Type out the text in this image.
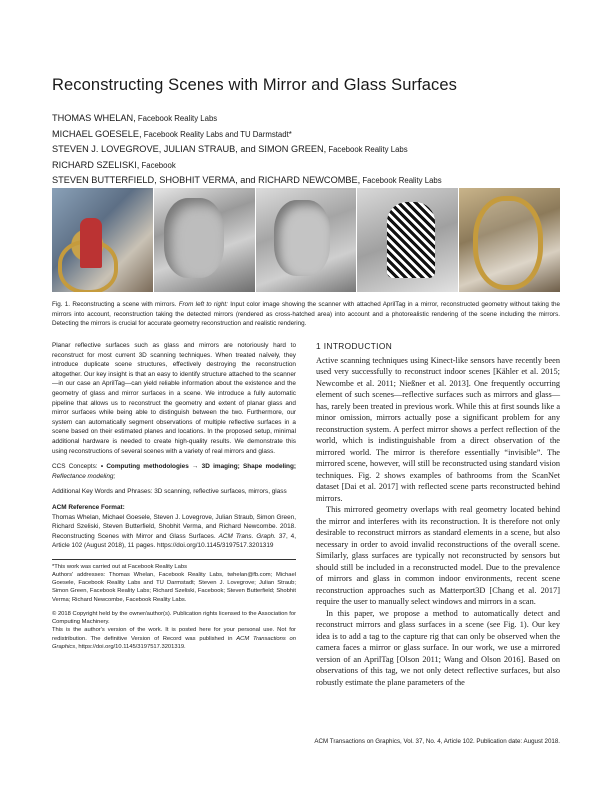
Reconstructing Scenes with Mirror and Glass Surfaces
THOMAS WHELAN, Facebook Reality Labs
MICHAEL GOESELE, Facebook Reality Labs and TU Darmstadt*
STEVEN J. LOVEGROVE, JULIAN STRAUB, and SIMON GREEN, Facebook Reality Labs
RICHARD SZELISKI, Facebook
STEVEN BUTTERFIELD, SHOBHIT VERMA, and RICHARD NEWCOMBE, Facebook Reality Labs
Fig. 1. Reconstructing a scene with mirrors. From left to right: Input color image showing the scanner with attached AprilTag in a mirror, reconstructed geometry without taking the mirrors into account, reconstruction taking the detected mirrors (rendered as cross-hatched area) into account and a photorealistic rendering of the scene including the mirrors. Detecting the mirrors is crucial for accurate geometry reconstruction and realistic rendering.

Planar reflective surfaces such as glass and mirrors are notoriously hard to reconstruct for most current 3D scanning techniques. When treated naïvely, they introduce duplicate scene structures, effectively destroying the reconstruction altogether. Our key insight is that an easy to identify structure attached to the scanner—in our case an AprilTag—can yield reliable information about the existence and the geometry of glass and mirror surfaces in a scene. We introduce a fully automatic pipeline that allows us to reconstruct the geometry and extent of planar glass and mirror surfaces while being able to distinguish between the two. Furthermore, our system can automatically segment observations of multiple reflective surfaces in a scene based on their estimated planes and locations. In the proposed setup, minimal additional hardware is needed to create high-quality results. We demonstrate this using reconstructions of several scenes with a variety of real mirrors and glass.

CCS Concepts: • Computing methodologies → 3D imaging; Shape modeling; Reflectance modeling;

Additional Key Words and Phrases: 3D scanning, reflective surfaces, mirrors, glass

ACM Reference Format:

Thomas Whelan, Michael Goesele, Steven J. Lovegrove, Julian Straub, Simon Green, Richard Szeliski, Steven Butterfield, Shobhit Verma, and Richard Newcombe. 2018. Reconstructing Scenes with Mirror and Glass Surfaces. ACM Trans. Graph. 37, 4, Article 102 (August 2018), 11 pages. https://doi.org/10.1145/3197517.3201319

*This work was carried out at Facebook Reality Labs

Authors' addresses: Thomas Whelan, Facebook Reality Labs, twhelan@fb.com; Michael Goesele, Facebook Reality Labs and TU Darmstadt; Steven J. Lovegrove; Julian Straub; Simon Green, Facebook Reality Labs; Richard Szeliski, Facebook; Steven Butterfield; Shobhit Verma; Richard Newcombe, Facebook Reality Labs.

© 2018 Copyright held by the owner/author(s). Publication rights licensed to the Association for Computing Machinery.

This is the author's version of the work. It is posted here for your personal use. Not for redistribution. The definitive Version of Record was published in ACM Transactions on Graphics, https://doi.org/10.1145/3197517.3201319.

1 INTRODUCTION

Active scanning techniques using Kinect-like sensors have recently been used very successfully to reconstruct indoor scenes [Kähler et al. 2015; Newcombe et al. 2011; Nießner et al. 2013]. One frequently occurring element of such scenes—reflective surfaces such as mirrors and glass—has, rarely been treated in previous work. While this at first sounds like a minor omission, mirrors actually pose a significant problem for any reconstruction system. A perfect mirror shows a perfect reflection of the world, which is indistinguishable from a direct observation of the mirrored world. The mirror is therefore essentially “invisible”. The mirrored scene, however, will still be reconstructed using standard vision techniques. Fig. 2 shows examples of bathrooms from the ScanNet dataset [Dai et al. 2017] with reflected scene parts reconstructed behind mirrors.

This mirrored geometry overlaps with real geometry located behind the mirror and interferes with its reconstruction. It is therefore not only desirable to reconstruct mirrors as standard elements in a scene, but also necessary in order to avoid invalid reconstructions of the overall scene. Similarly, glass surfaces are typically not reconstructed by sensors but should still be included in a reconstructed model. Due to the prevalence of mirrors and glass in common indoor environments, recent scene reconstruction approaches such as Matterport3D [Chang et al. 2017] require the user to manually select windows and mirrors in a scan.

In this paper, we propose a method to automatically detect and reconstruct mirrors and glass surfaces in a scene (see Fig. 1). Our key idea is to add a tag to the capture rig that can only be observed when the camera faces a mirror or glass surface. In our work, we use a mirrored version of an AprilTag [Olson 2011; Wang and Olson 2016]. Based on observations of this tag, we not only detect reflective surfaces, but also robustly estimate the plane parameters of the

ACM Transactions on Graphics, Vol. 37, No. 4, Article 102. Publication date: August 2018.
